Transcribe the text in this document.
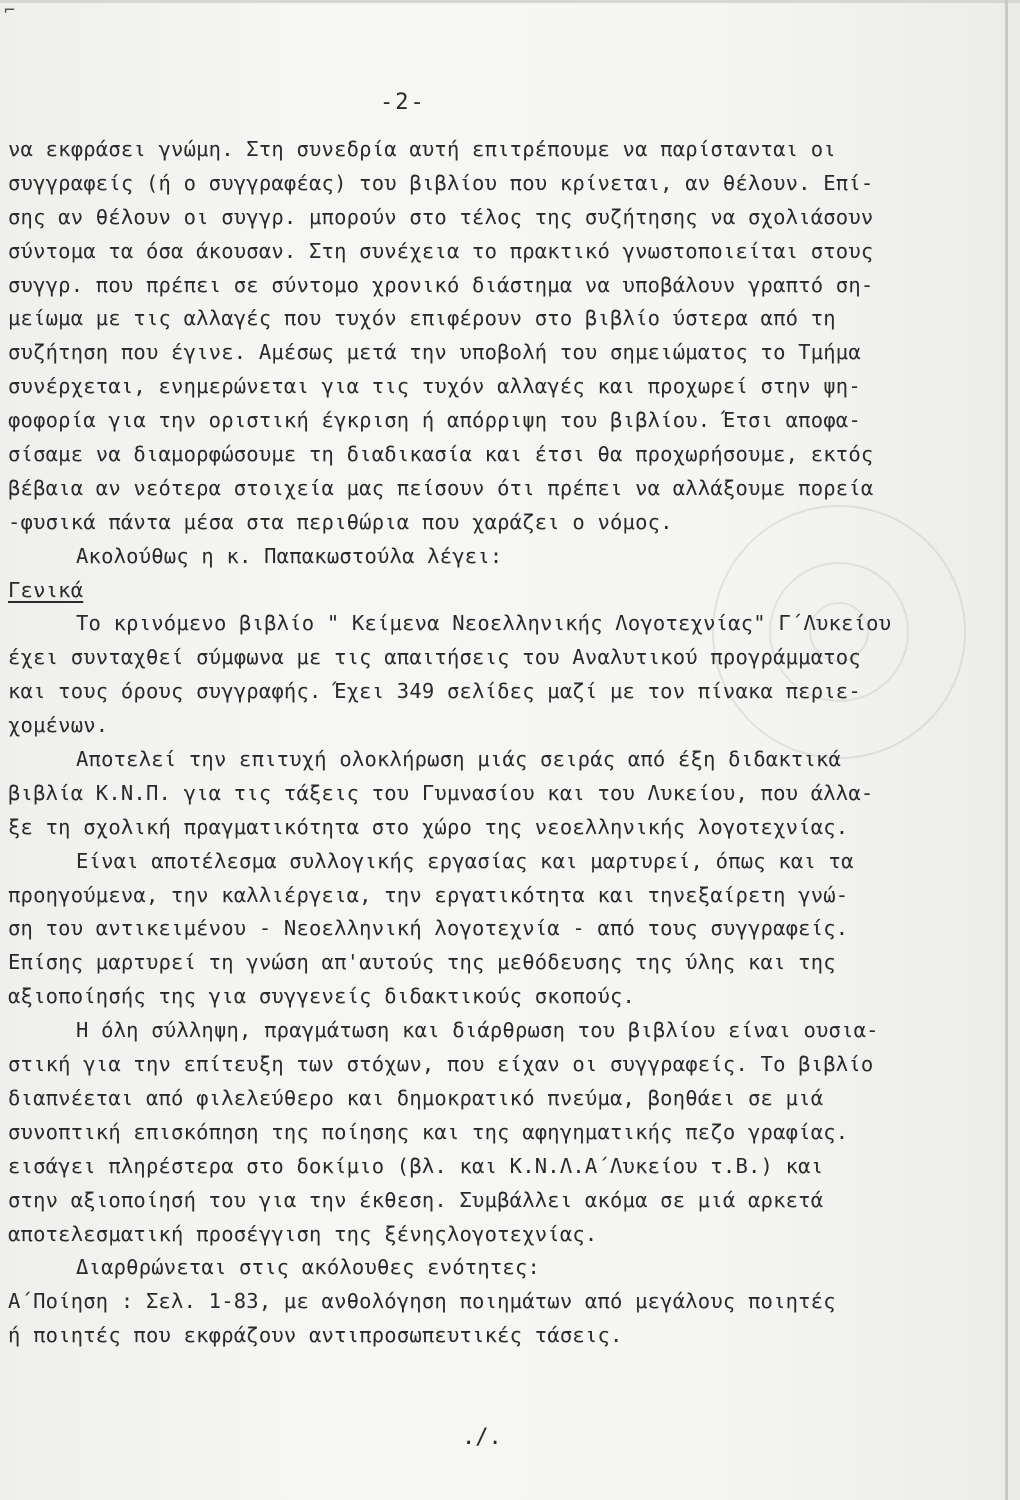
⌐
-2-
να εκφράσει γνώμη. Στη συνεδρία αυτή επιτρέπουμε να παρίστανται οι
συγγραφείς (ή ο συγγραφέας) του βιβλίου που κρίνεται, αν θέλουν. Επί-
σης αν θέλουν οι συγγρ. μπορούν στο τέλος της συζήτησης να σχολιάσουν
σύντομα τα όσα άκουσαν. Στη συνέχεια το πρακτικό γνωστοποιείται στους
συγγρ. που πρέπει σε σύντομο χρονικό διάστημα να υποβάλουν γραπτό ση-
μείωμα με τις αλλαγές που τυχόν επιφέρουν στο βιβλίο ύστερα από τη
συζήτηση που έγινε. Αμέσως μετά την υποβολή του σημειώματος το Τμήμα
συνέρχεται, ενημερώνεται για τις τυχόν αλλαγές και προχωρεί στην ψη-
φοφορία για την οριστική έγκριση ή απόρριψη του βιβλίου. Έτσι αποφα-
σίσαμε να διαμορφώσουμε τη διαδικασία και έτσι θα προχωρήσουμε, εκτός
βέβαια αν νεότερα στοιχεία μας πείσουν ότι πρέπει να αλλάξουμε πορεία
-φυσικά πάντα μέσα στα περιθώρια που χαράζει ο νόμος.
Ακολούθως η κ. Παπακωστούλα λέγει:
Γενικά
Το κρινόμενο βιβλίο " Κείμενα Νεοελληνικής Λογοτεχνίας" Γ΄Λυκείου
έχει συνταχθεί σύμφωνα με τις απαιτήσεις του Αναλυτικού προγράμματος
και τους όρους συγγραφής. Έχει 349 σελίδες μαζί με τον πίνακα περιε-
χομένων.
Αποτελεί την επιτυχή ολοκλήρωση μιάς σειράς από έξη διδακτικά
βιβλία Κ.Ν.Π. για τις τάξεις του Γυμνασίου και του Λυκείου, που άλλα-
ξε τη σχολική πραγματικότητα στο χώρο της νεοελληνικής λογοτεχνίας.
Είναι αποτέλεσμα συλλογικής εργασίας και μαρτυρεί, όπως και τα
προηγούμενα, την καλλιέργεια, την εργατικότητα και τηνεξαίρετη γνώ-
ση του αντικειμένου - Νεοελληνική λογοτεχνία - από τους συγγραφείς.
Επίσης μαρτυρεί τη γνώση απ'αυτούς της μεθόδευσης της ύλης και της
αξιοποίησής της για συγγενείς διδακτικούς σκοπούς.
Η όλη σύλληψη, πραγμάτωση και διάρθρωση του βιβλίου είναι ουσια-
στική για την επίτευξη των στόχων, που είχαν οι συγγραφείς. Το βιβλίο
διαπνέεται από φιλελεύθερο και δημοκρατικό πνεύμα, βοηθάει σε μιά
συνοπτική επισκόπηση της ποίησης και της αφηγηματικής πεζο γραφίας.
εισάγει πληρέστερα στο δοκίμιο (βλ. και Κ.Ν.Λ.Α΄Λυκείου τ.Β.) και
στην αξιοποίησή του για την έκθεση. Συμβάλλει ακόμα σε μιά αρκετά
αποτελεσματική προσέγγιση της ξένηςλογοτεχνίας.
Διαρθρώνεται στις ακόλουθες ενότητες:
Α΄Ποίηση : Σελ. 1-83, με ανθολόγηση ποιημάτων από μεγάλους ποιητές
ή ποιητές που εκφράζουν αντιπροσωπευτικές τάσεις.
./.
